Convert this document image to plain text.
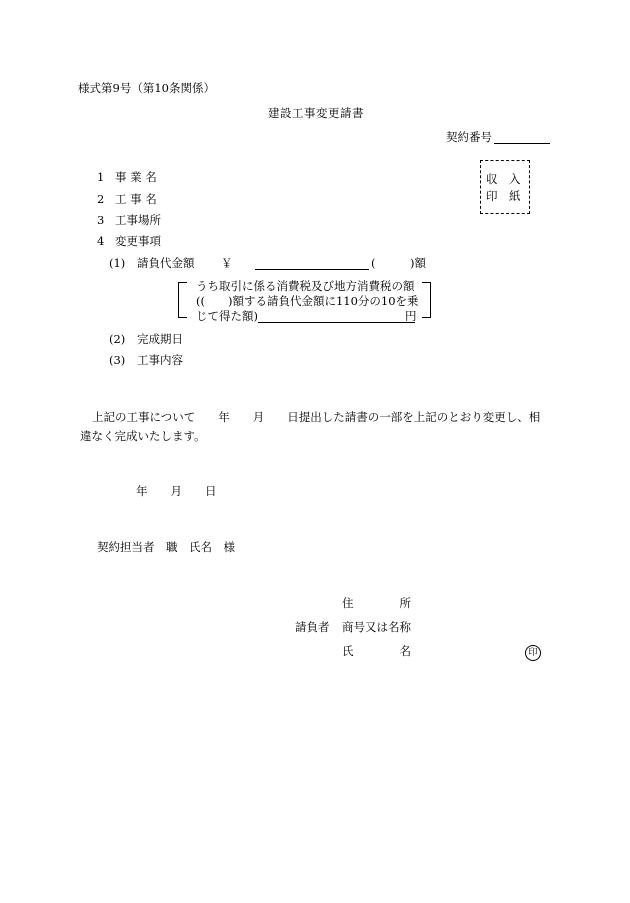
様式第9号（第10条関係）
建設工事変更請書
契約番号
収　入
印　紙
1 事 業 名
2 工 事 名
3 工事場所
4 変更事項
(1) 請負代金額 ￥	(　　　)額
うち取引に係る消費税及び地方消費税の額
((　　)額する請負代金額に110分の10を乗
じて得た額)	円
(2) 完成期日
(3) 工事内容
上記の工事について　　年　　月　　日提出した請書の一部を上記のとおり変更し、相
違なく完成いたします。
年　　月　　日
契約担当者　職　氏名　様
住　　　　所
請負者 商号又は名称
氏　　　　名	印
